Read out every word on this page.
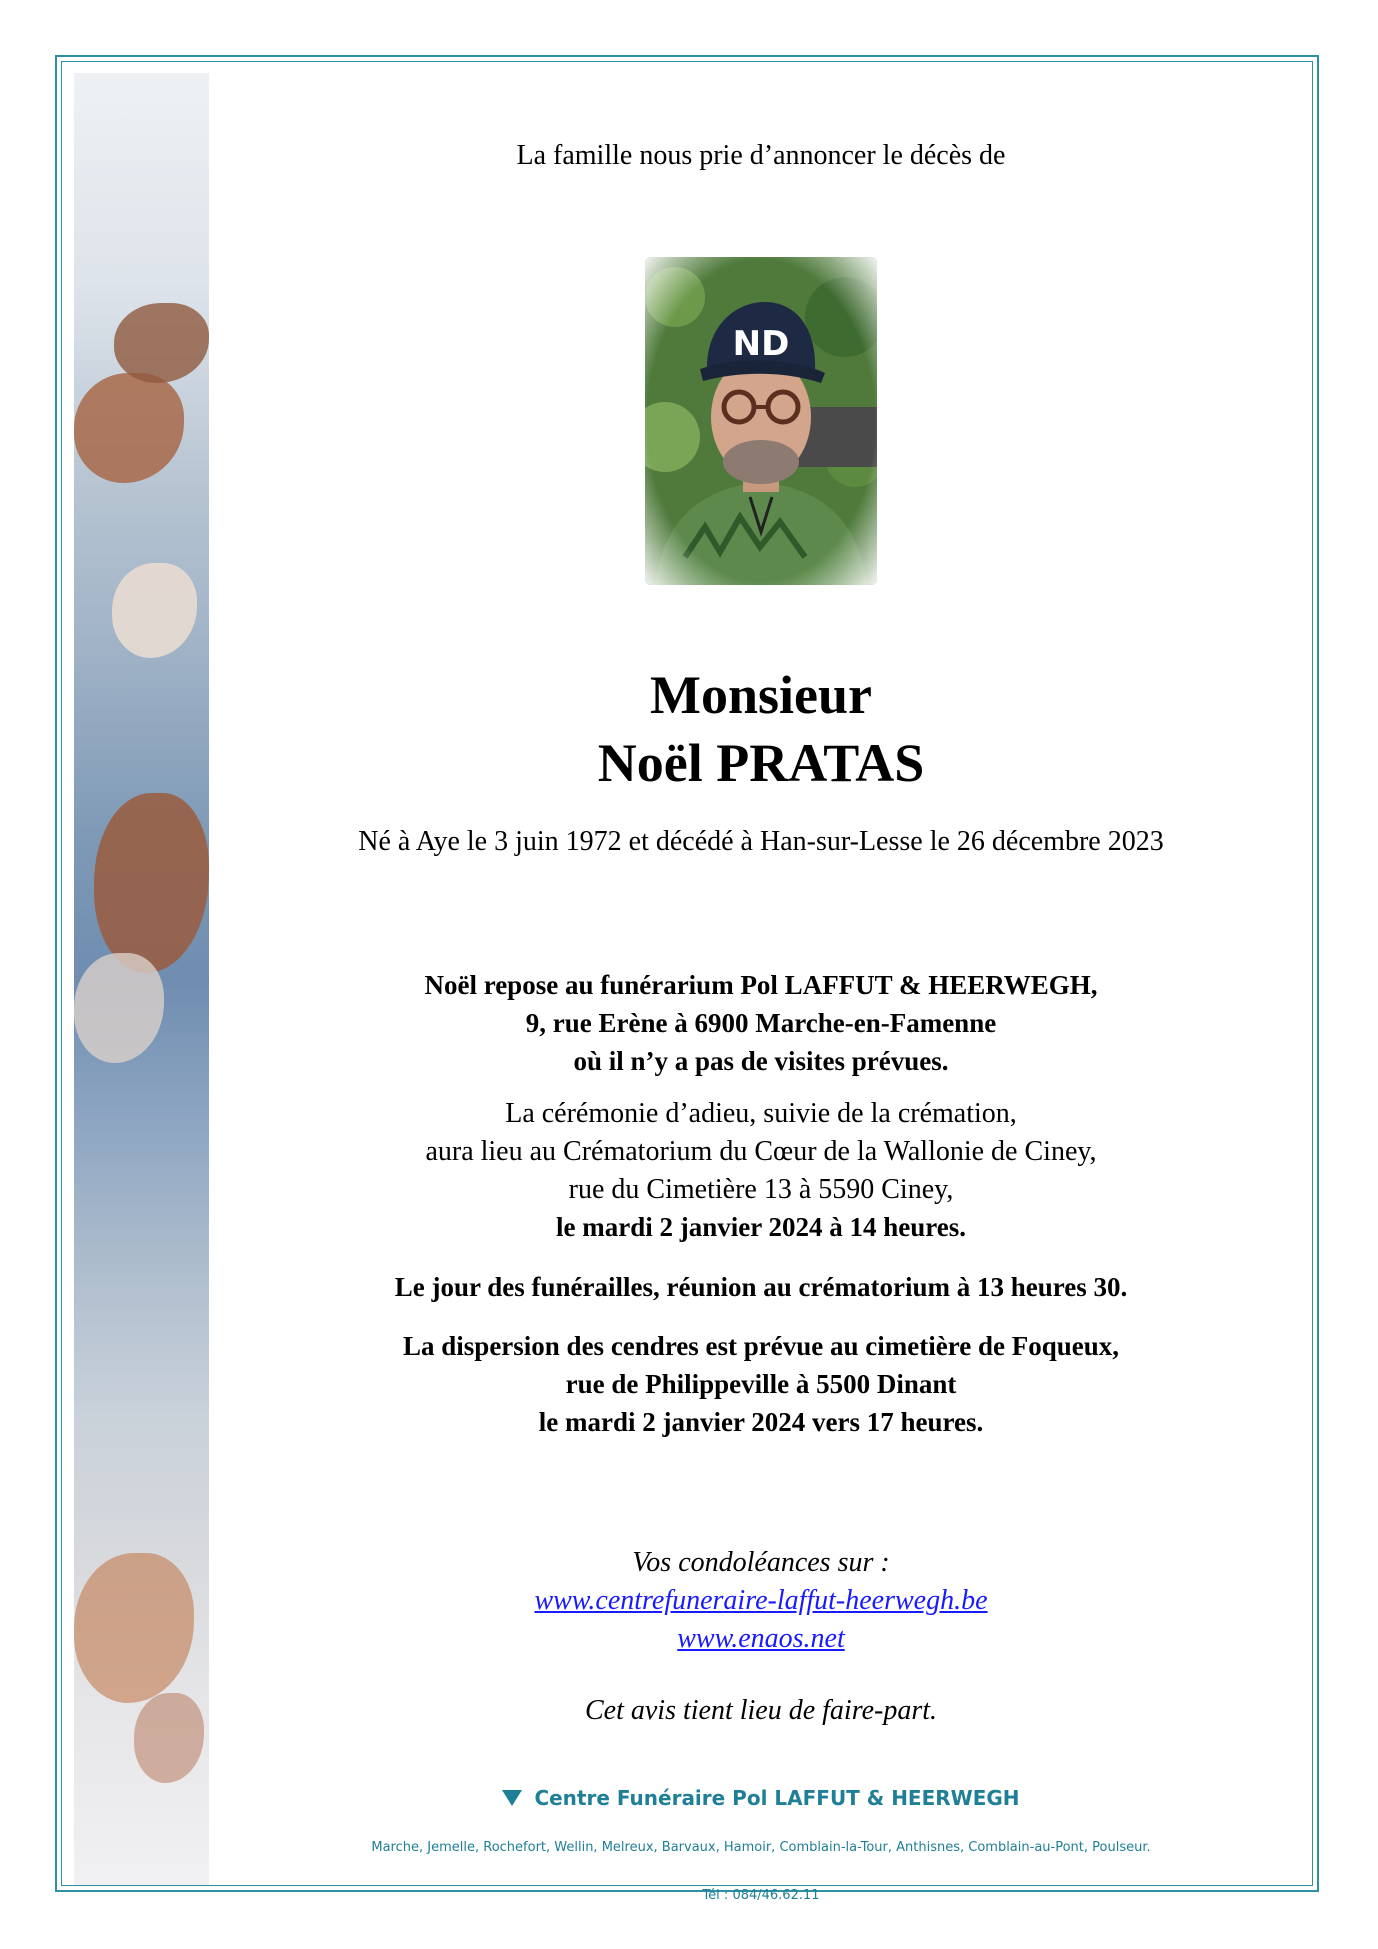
La famille nous prie d’annoncer le décès de
Monsieur
Noël PRATAS
Né à Aye le 3 juin 1972 et décédé à Han-sur-Lesse le 26 décembre 2023
Noël repose au funérarium Pol LAFFUT & HEERWEGH,
9, rue Erène à 6900 Marche-en-Famenne
où il n’y a pas de visites prévues.
La cérémonie d’adieu, suivie de la crémation,
aura lieu au Crématorium du Cœur de la Wallonie de Ciney,
rue du Cimetière 13 à 5590 Ciney,
le mardi 2 janvier 2024 à 14 heures.
Le jour des funérailles, réunion au crématorium à 13 heures 30.
La dispersion des cendres est prévue au cimetière de Foqueux,
rue de Philippeville à 5500 Dinant
le mardi 2 janvier 2024 vers 17 heures.
Vos condoléances sur :
www.centrefuneraire-laffut-heerwegh.be
www.enaos.net
Cet avis tient lieu de faire-part.
Centre Funéraire Pol LAFFUT & HEERWEGH
Marche, Jemelle, Rochefort, Wellin, Melreux, Barvaux, Hamoir, Comblain-la-Tour, Anthisnes, Comblain-au-Pont, Poulseur.
Tél : 084/46.62.11
